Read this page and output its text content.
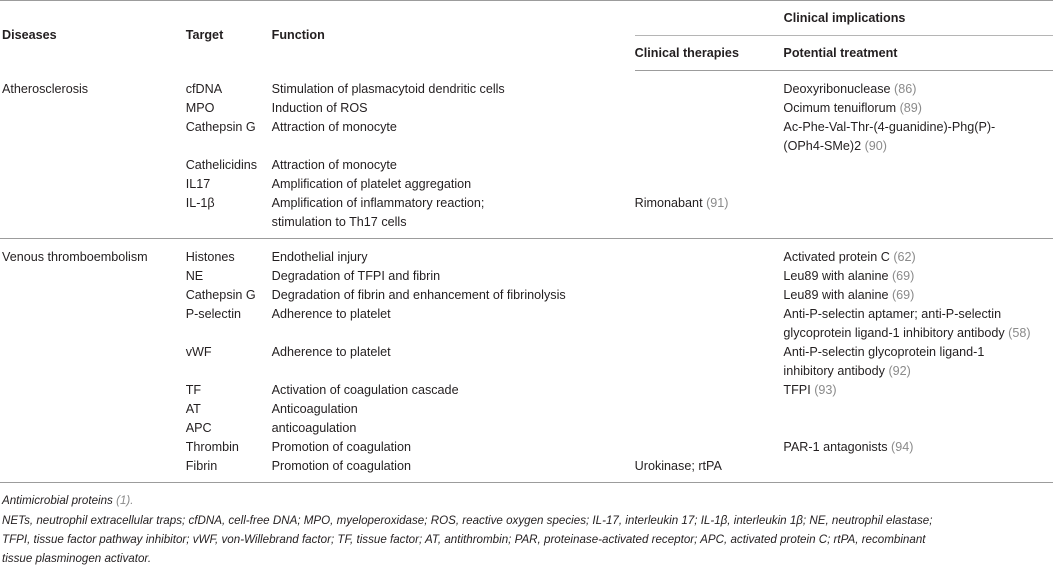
Diseases	Target	Function	Clinical implications	
			Clinical therapies	Potential treatment
Atherosclerosis	cfDNA	Stimulation of plasmacytoid dendritic cells		Deoxyribonuclease (86)

	MPO	Induction of ROS		Ocimum tenuiflorum (89)

	Cathepsin G	Attraction of monocyte		Ac-Phe-Val-Thr-(4-guanidine)-Phg(P)-
(OPh4-SMe)2 (90)

	Cathelicidins	Attraction of monocyte		

	IL17	Amplification of platelet aggregation		

	IL-1β	Amplification of inflammatory reaction;
stimulation to Th17 cells	Rimonabant (91)	

Venous thromboembolism	Histones	Endothelial injury		Activated protein C (62)

	NE	Degradation of TFPI and fibrin		Leu89 with alanine (69)

	Cathepsin G	Degradation of fibrin and enhancement of fibrinolysis		Leu89 with alanine (69)

	P-selectin	Adherence to platelet		Anti-P-selectin aptamer; anti-P-selectin
glycoprotein ligand-1 inhibitory antibody (58)

	vWF	Adherence to platelet		Anti-P-selectin glycoprotein ligand-1
inhibitory antibody (92)

	TF	Activation of coagulation cascade		TFPI (93)

	AT	Anticoagulation		

	APC	anticoagulation		

	Thrombin	Promotion of coagulation		PAR-1 antagonists (94)

	Fibrin	Promotion of coagulation	Urokinase; rtPA	
Antimicrobial proteins (1).
NETs, neutrophil extracellular traps; cfDNA, cell-free DNA; MPO, myeloperoxidase; ROS, reactive oxygen species; IL-17, interleukin 17; IL-1β, interleukin 1β; NE, neutrophil elastase;
TFPI, tissue factor pathway inhibitor; vWF, von-Willebrand factor; TF, tissue factor; AT, antithrombin; PAR, proteinase-activated receptor; APC, activated protein C; rtPA, recombinant
tissue plasminogen activator.
